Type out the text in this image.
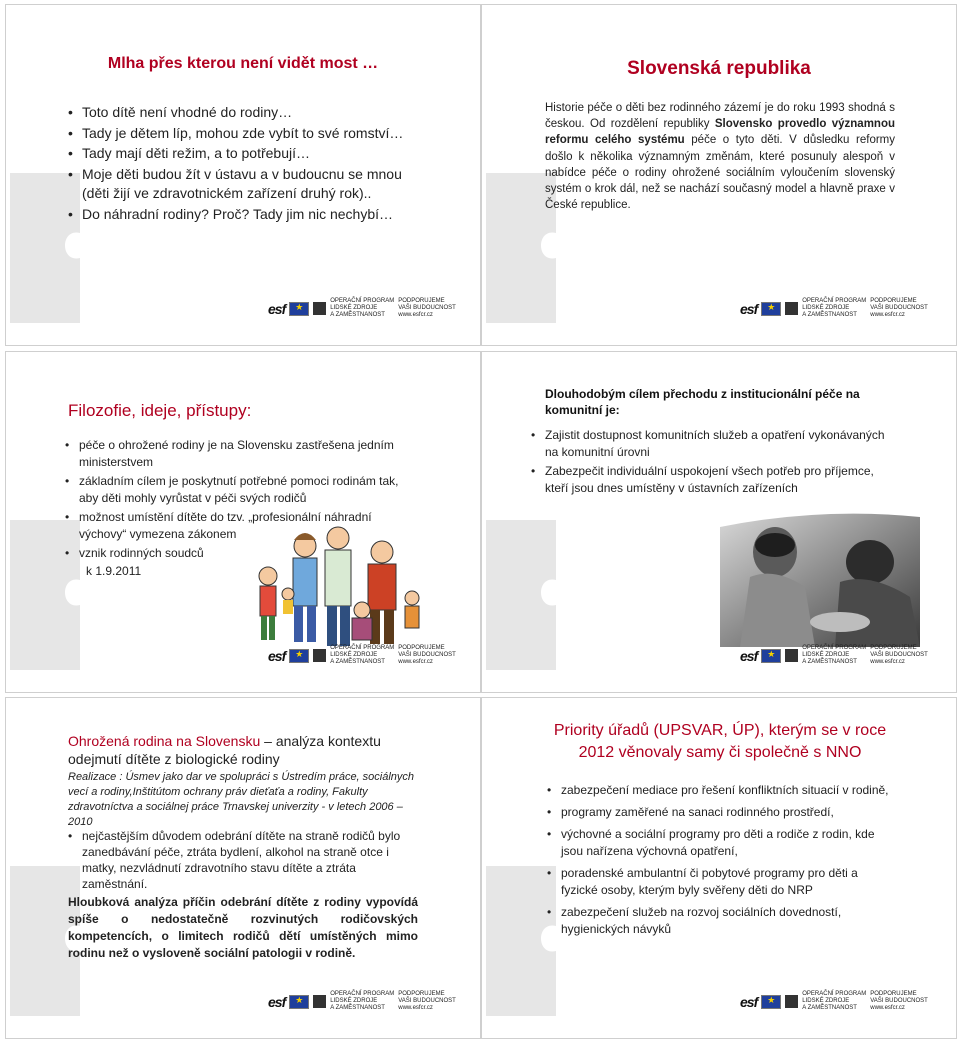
Mlha přes kterou není vidět most …
• Toto dítě není vhodné do rodiny…
• Tady je dětem líp, mohou zde vybít to své romství…
• Tady mají děti režim, a to potřebují…
• Moje děti budou žít v ústavu a v budoucnu se mnou (děti žijí ve zdravotnickém zařízení druhý rok)..
• Do náhradní rodiny? Proč? Tady jim nic nechybí…
esf
★	OPERAČNÍ PROGRAM
LIDSKÉ ZDROJE
A ZAMĚSTNANOST
PODPORUJEME
VAŠI BUDOUCNOST
www.esfcr.cz
Slovenská republika
Historie péče o děti bez rodinného zázemí je do roku 1993 shodná s českou. Od rozdělení republiky Slovensko provedlo významnou reformu celého systému péče o tyto děti. V důsledku reformy došlo k několika významným změnám, které posunuly alespoň v nabídce péče o rodiny ohrožené sociálním vyloučením slovenský systém o krok dál, než se nachází současný model a hlavně praxe v České republice.
esf
★	OPERAČNÍ PROGRAM
LIDSKÉ ZDROJE
A ZAMĚSTNANOST
PODPORUJEME
VAŠI BUDOUCNOST
www.esfcr.cz
Filozofie, ideje, přístupy:
• péče o ohrožené rodiny je na Slovensku zastřešena jedním ministerstvem
• základním cílem je poskytnutí potřebné pomoci rodinám tak, aby děti mohly vyrůstat v péči svých rodičů
• možnost umístění dítěte do tzv. „profesionální náhradní výchovy“ vymezena zákonem
• vznik rodinných soudců
k 1.9.2011
esf
★	OPERAČNÍ PROGRAM
LIDSKÉ ZDROJE
A ZAMĚSTNANOST
PODPORUJEME
VAŠI BUDOUCNOST
www.esfcr.cz
Dlouhodobým cílem přechodu z institucionální péče na komunitní je:
• Zajistit dostupnost komunitních služeb a opatření vykonávaných na komunitní úrovni
• Zabezpečit individuální uspokojení všech potřeb pro příjemce, kteří jsou dnes umístěny v ústavních zařízeních
esf
★	OPERAČNÍ PROGRAM
LIDSKÉ ZDROJE
A ZAMĚSTNANOST
PODPORUJEME
VAŠI BUDOUCNOST
www.esfcr.cz
Ohrožená rodina na Slovensku – analýza kontextu odejmutí dítěte z biologické rodiny
Realizace : Úsmev jako dar ve spolupráci s Ústredím práce, sociálnych vecí a rodiny,Inštitútom ochrany práv dieťaťa a rodiny, Fakulty zdravotníctva a sociálnej práce Trnavskej univerzity - v letech 2006 – 2010
• nejčastějším důvodem odebrání dítěte na straně rodičů bylo zanedbávání péče, ztráta bydlení, alkohol na straně otce i matky, nezvládnutí zdravotního stavu dítěte a ztráta zaměstnání.
Hloubková analýza příčin odebrání dítěte z rodiny vypovídá spíše o nedostatečně rozvinutých rodičovských kompetencích, o limitech rodičů dětí umístěných mimo rodinu než o vysloveně sociální patologii v rodině.
esf
★	OPERAČNÍ PROGRAM
LIDSKÉ ZDROJE
A ZAMĚSTNANOST
PODPORUJEME
VAŠI BUDOUCNOST
www.esfcr.cz
Priority úřadů (UPSVAR, ÚP), kterým se v roce 2012 věnovaly samy či společně s NNO
• zabezpečení mediace pro řešení konfliktních situacií v rodině,
• programy zaměřené na sanaci rodinného prostředí,
• výchovné a sociální programy pro děti a rodiče z rodin, kde jsou nařízena výchovná opatření,
• poradenské ambulantní či pobytové programy pro děti a fyzické osoby, kterým byly svěřeny děti do NRP
• zabezpečení služeb na rozvoj sociálních dovedností, hygienických návyků
esf
★	OPERAČNÍ PROGRAM
LIDSKÉ ZDROJE
A ZAMĚSTNANOST
PODPORUJEME
VAŠI BUDOUCNOST
www.esfcr.cz
